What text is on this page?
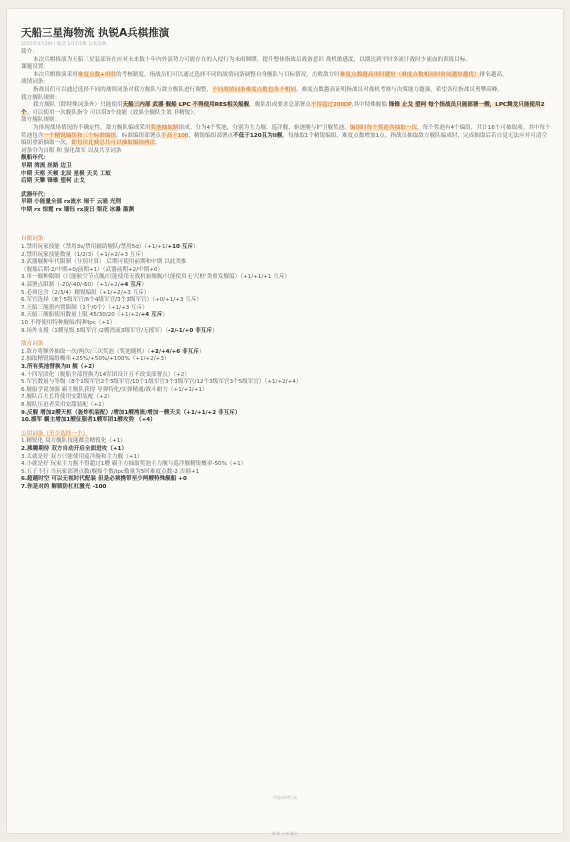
天船三星海物流 执锐A兵棋推演
2025年4月29日 推动 1/17/1修 1/来连载

简介：

本次兵棋推演为天船三星装部旨在应对未来数十年内外部势力可能存在的入侵行为未雨绸缪，提升整体指战员战备意识 战机敏感度，以期达到平时多流汗战时少流血的训练目标。

课题设置：

本次兵棋推演采用难度点数+用时的考核制度，指战员们可以通过选择不同的战情词条调整自身舰队与目标情况。击败敌方时难度点数越高用时越短（难度点数相同时时间越短越优）排名越高。

战情词条：

指战员们可以通过选择不同的战情词条对我方舰队与敌方舰队进行调整，不同战情词条难度点数也各不相同，难度点数越高证明指战员对战机考察与决策能力越强，希望各位指战员勇攀高峰。

我方舰队规则：

我方舰队（除特殊词条外）只能使用天船三内部 武器 舰船 LPC 不得使用RES相关船舰。舰队组成要求总部署点不得超过200DP,其中特殊舰船 锋锥 止戈 望柯 每个指战员只能部署一艘，LPC舞龙只能使用2个。可以使用一次舰队指令 可以带3个技能（效果全舰队生效 非精锐）。

敌方舰队规则：

为体现战场情况的不确定性，敌方舰队编成采用奖池抽取制组成。分为4个奖池，分别为主力舰、巡洋舰、驱逐舰与护卫舰奖池。编组时每个奖池各抽取一次，每个奖池有4个编组，共计16个可抽取项。其中每个奖池包含一个精锐编组和三个标准编组。标准编组部署点不高于100，精锐编组部署点不低于120且为II舰，每抽取1个精锐编组，难度点数增加1点。指战员抽取敌方舰队编成时，完成抽取后若自觉无法应对可清空编组重新抽取一次，即每次比赛总共可以抽取编组两次。

词条分为自限 和 强化敌军 以及共享词条

舰船年代：

早期 湾流 丝路 边卫

中期 天枢 天顿 北辰 星极 天关 工蚁

后期 天擎 锋锥 望柯 止戈

武器年代：

早期 小能量全部 rx流水 闹干 云涌 光荆

中期 rx 惊霆 rx 镭钰 rx凌日 梨花 冰瀑 墨渊

自限词条：

1.禁用玩家技能（禁用3s/禁用辅助舰队/禁用5d）（+1/+1/+10 互斥）

2.禁用玩家技能数量（1/2/3）（+1/+2/+3 互斥）

3.武器舰种年代限制（分别计算） 后期可使用前期和中期 以此类推

（舰船后期-2/中期+0/前期+1）（武器前期+2/中期+0）

3.单一舰种限制（只能航空节点舰/只能使用无战机驱舰舰/只能使用无'尺框'类重发舰船）（+1/+1/+1 互斥）

4.部署点限制（-20/-40/-60）（+1/+2/+4 互斥）

5.必须包含（2/3/4）精锐编组（+1/+2/+3 互斥）

6.军官选择（8个5级军官/6个4级军官/3个3级军官）（+0/+1/+3 互斥）

7.天船三舰猎内置限制（1个/0个）（+1/+3 互斥）

8.天船三舰船使用数量上限 45/30/20（+1/+2/+4 互斥）

10.不得使用特种舰船/特种lpc（+1）

9.场外支援（1艘星级 5级军官 /2艘湾流3级军官/无援军）（-2/-1/+0 非互斥）

敌方词条

1.敌方将额外抽取一次/两次/三次奖池（奖池随机）（+2/+4/+6 非互斥）

2.抽取精锐编组概率+25%/+50%/+100%（+1/+2/+3）

3.所有奖池替换为II 舰（+2）

4.十四军团化（舰船全部替换为14军团设计且不改变部署点）（+2）

5.军官数量与等级（8个1级军官2个3级军官/10个1级军官3个3级军官/12个3级军官3个5级军官）（+1/+2/+4）

6.舰船学说加强 霸主舰队获得 导弹特化/实弹精通/战斗耐力（+1/+1/+1）

7.舰队百夫长将使用安甜装配（+2）

8.舰队压迫者采用安甜装配（+2）

9.反舰 增加2艘天枢（轰炸机装配）/增加1艘湾流/增加一艘天关（+1/+1/+2 非互斥）

10.援军 霸主增加1艘征服者1艘军团1艘攻势 （+4）

公用词条（至少选择一个）

1.精锐化 双方舰队技能都会精锐化（+1）

2.沸腾期待 双方自动开启全面进攻（+1）

3.太就是好 双方只能使用巡洋舰和主力舰（+1）

4.小就是好 玩家主力舰不得超过1艘 霸主方抽取奖池主力舰与巡洋舰精锐概率-50%（+1）

5.五子不行 当玩家部署点数/舰船个数/lpc数量为5时难度点数-2 否则+1

6.超越时空 可以无视时代配装 但是必须携带至少两艘特殊舰船 +0

7.你是对的 解锁防杠杠激光 -100

内容由AI生成
来源 小米笔记
